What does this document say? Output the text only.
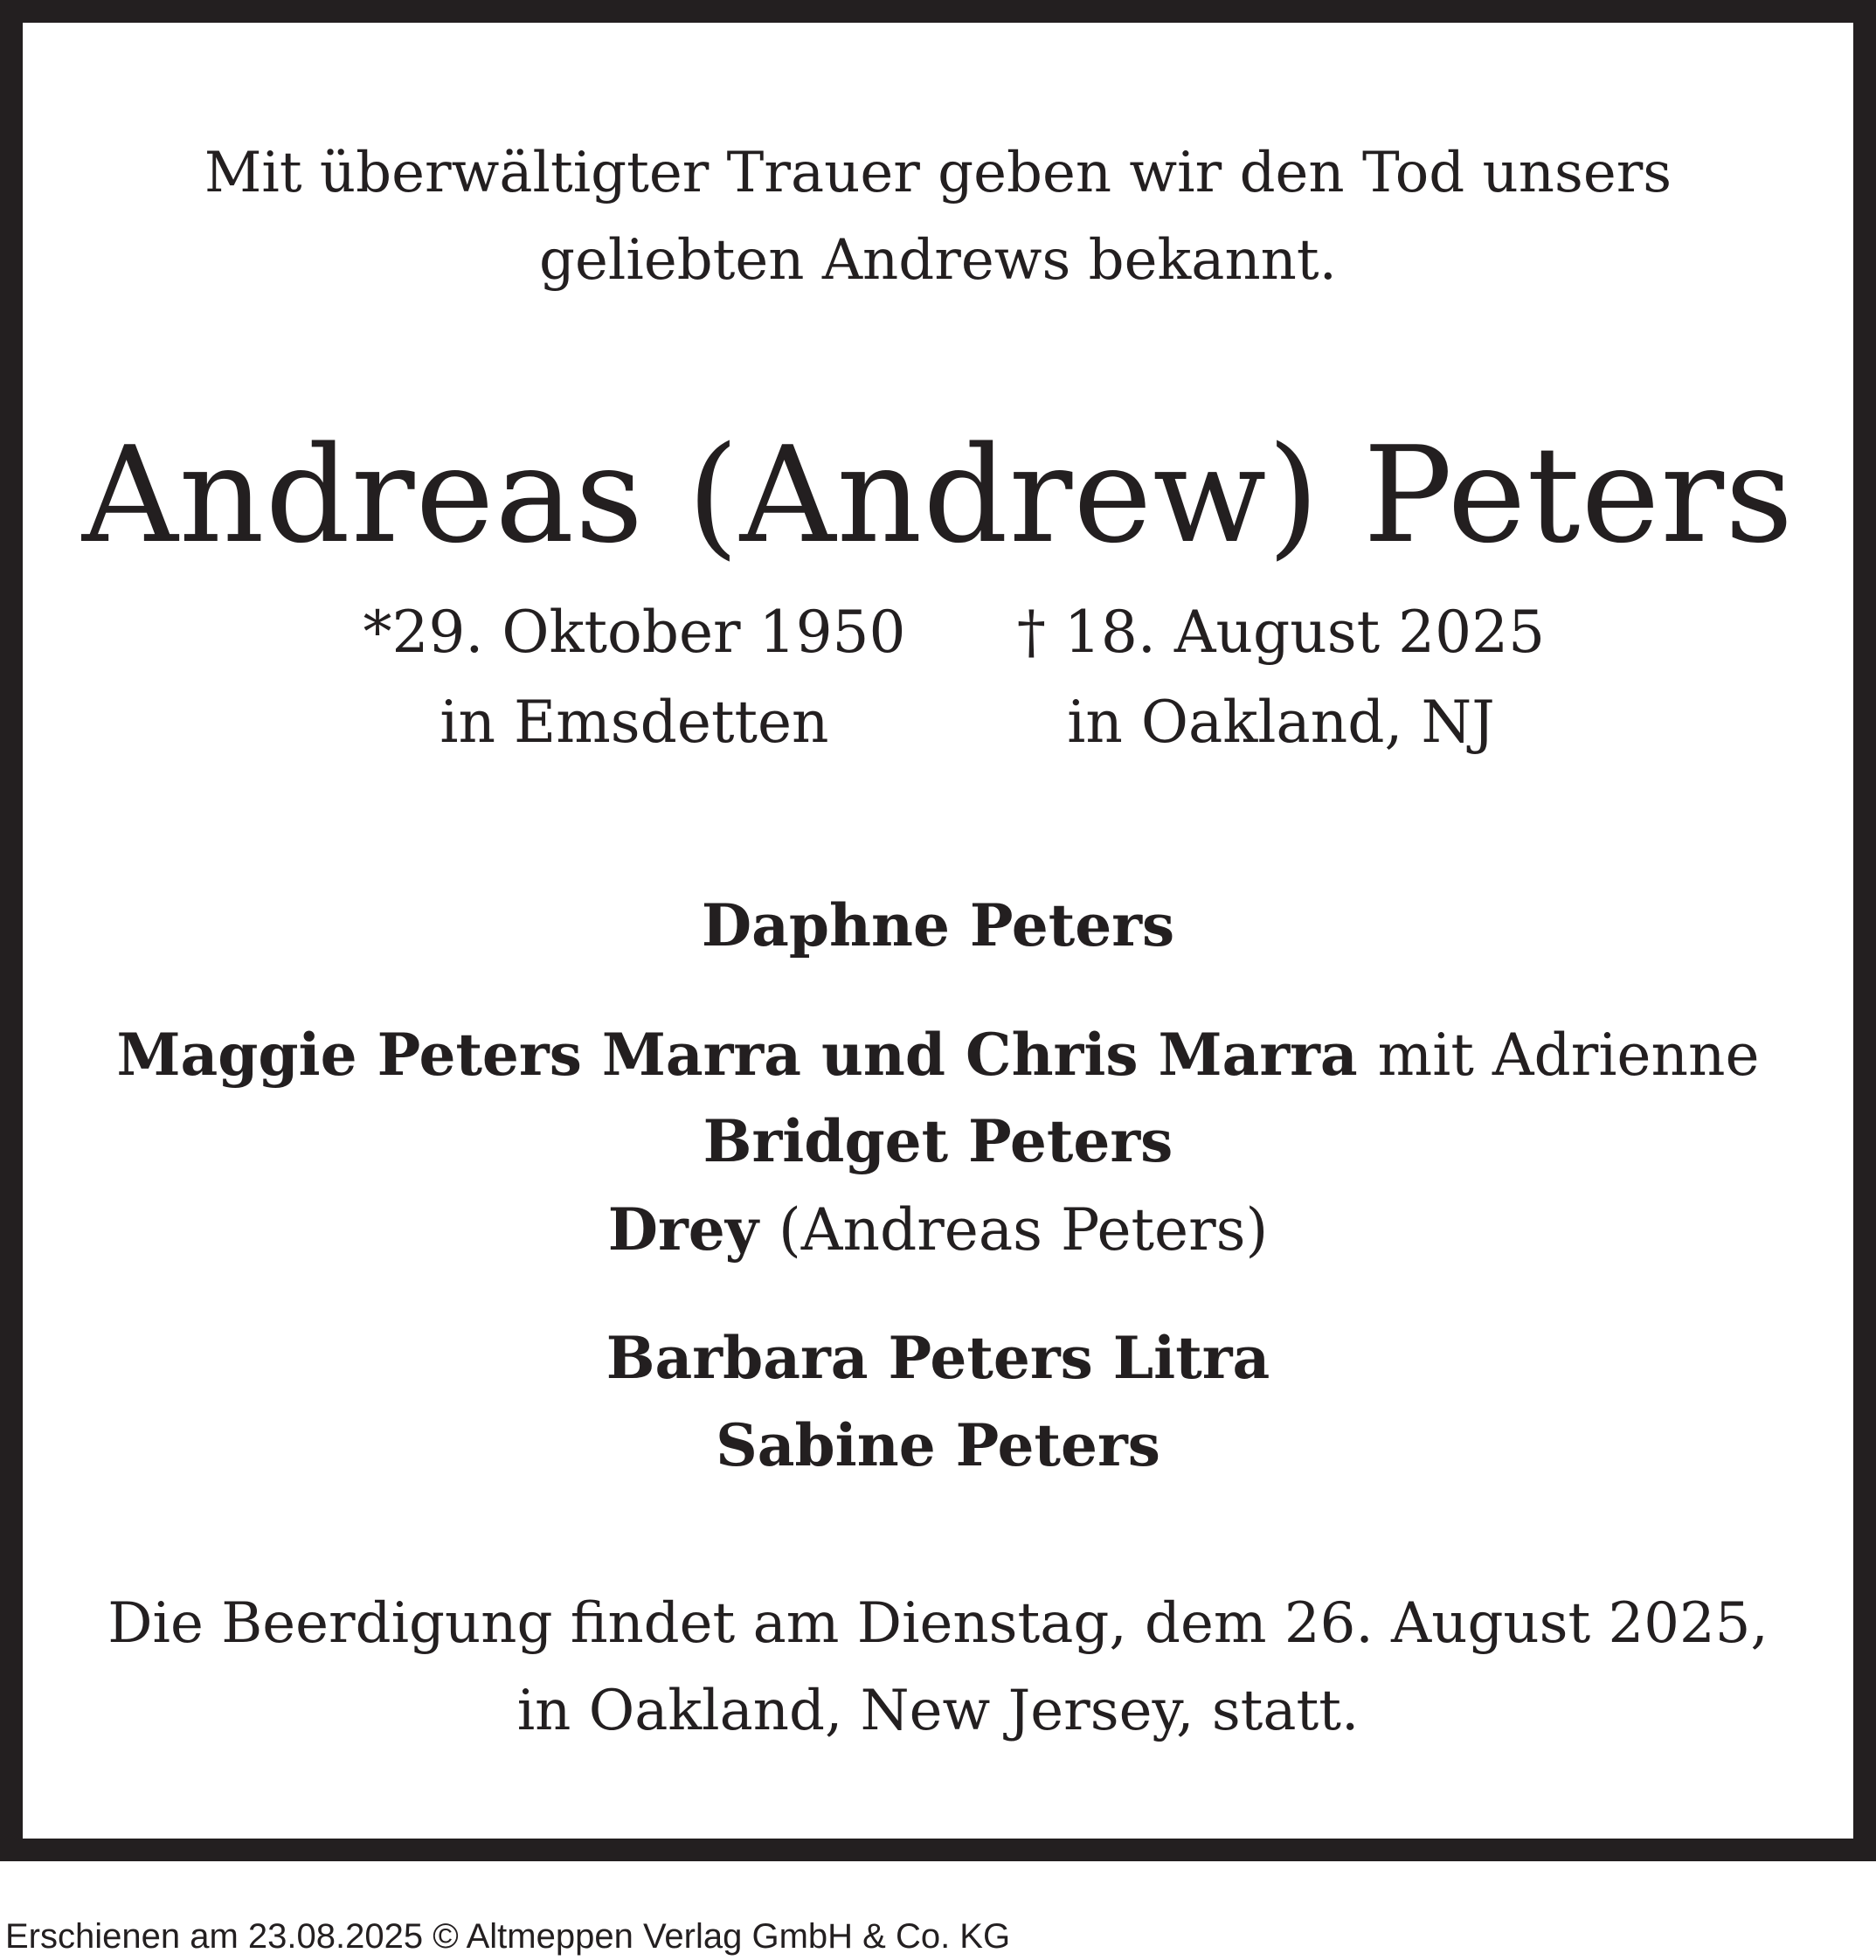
Mit überwältigter Trauer geben wir den Tod unsers
geliebten Andrews bekannt.
Andreas (Andrew) Peters
*29. Oktober 1950
in Emsdetten
† 18. August 2025
in Oakland, NJ
Daphne Peters
Maggie Peters Marra und Chris Marra mit Adrienne
Bridget Peters
Drey (Andreas Peters)
Barbara Peters Litra
Sabine Peters
Die Beerdigung findet am Dienstag, dem 26. August 2025,
in Oakland, New Jersey, statt.
Erschienen am 23.08.2025 © Altmeppen Verlag GmbH & Co. KG
